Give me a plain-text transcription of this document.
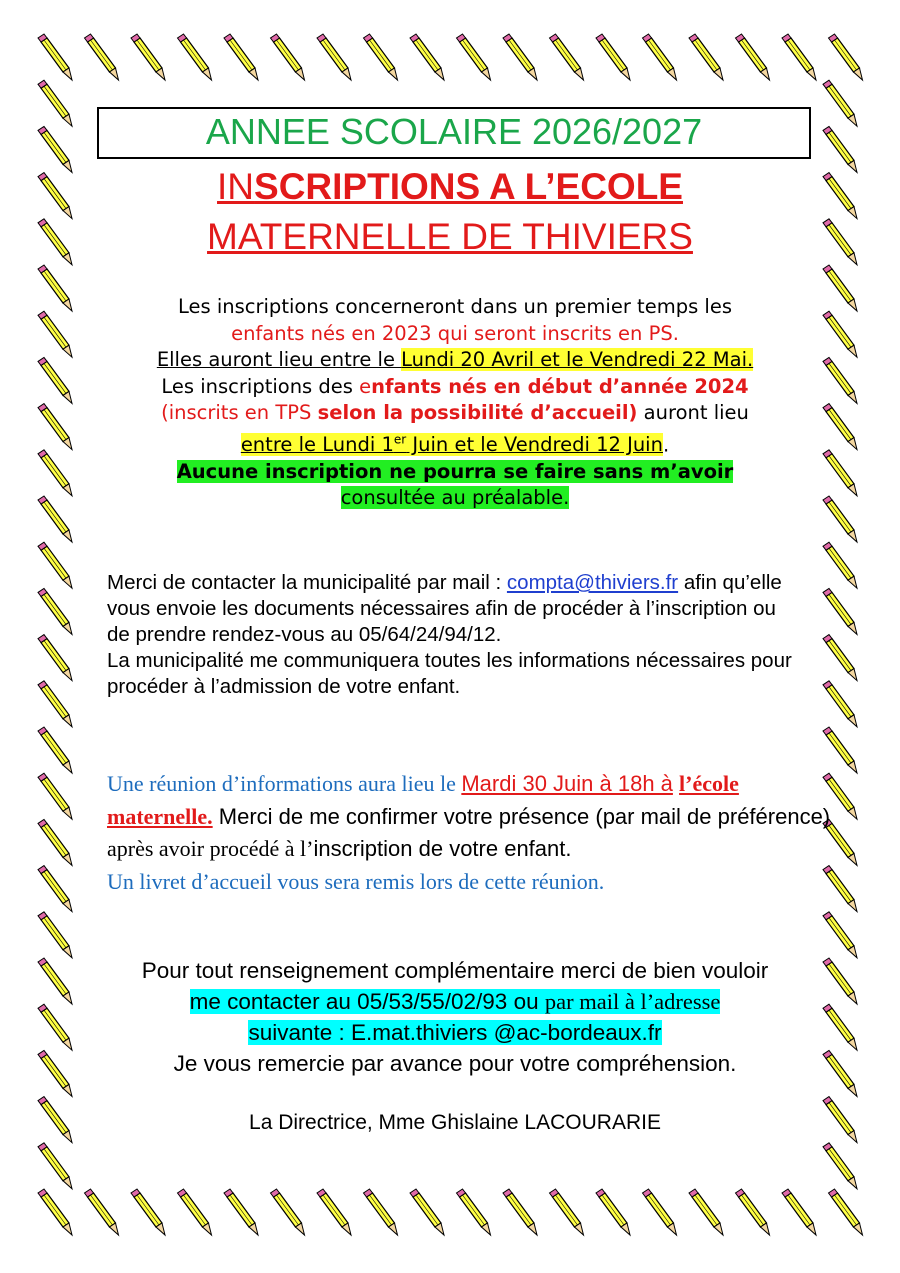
ANNEE SCOLAIRE 2026/2027
INSCRIPTIONS A L’ECOLE
MATERNELLE DE THIVIERS
Les inscriptions concerneront dans un premier temps les
enfants nés en 2023 qui seront inscrits en PS.
Elles auront lieu entre le Lundi 20 Avril et le Vendredi 22 Mai.
Les inscriptions des enfants nés en début d’année 2024
(inscrits en TPS selon la possibilité d’accueil) auront lieu
entre le Lundi 1er Juin et le Vendredi 12 Juin.
Aucune inscription ne pourra se faire sans m’avoir
consultée au préalable.
Merci de contacter la municipalité par mail : compta@thiviers.fr afin qu’elle vous envoie les documents nécessaires afin de procéder à l’inscription ou de prendre rendez-vous au 05/64/24/94/12.
La municipalité me communiquera toutes les informations nécessaires pour procéder à l’admission de votre enfant.
Une réunion d’informations aura lieu le Mardi 30 Juin à 18h à l’école maternelle. Merci de me confirmer votre présence (par mail de préférence) après avoir procédé à l’inscription de votre enfant.
Un livret d’accueil vous sera remis lors de cette réunion.
Pour tout renseignement complémentaire merci de bien vouloir
me contacter au 05/53/55/02/93 ou par mail à l’adresse
suivante : E.mat.thiviers @ac-bordeaux.fr
Je vous remercie par avance pour votre compréhension.
La Directrice, Mme Ghislaine LACOURARIE
